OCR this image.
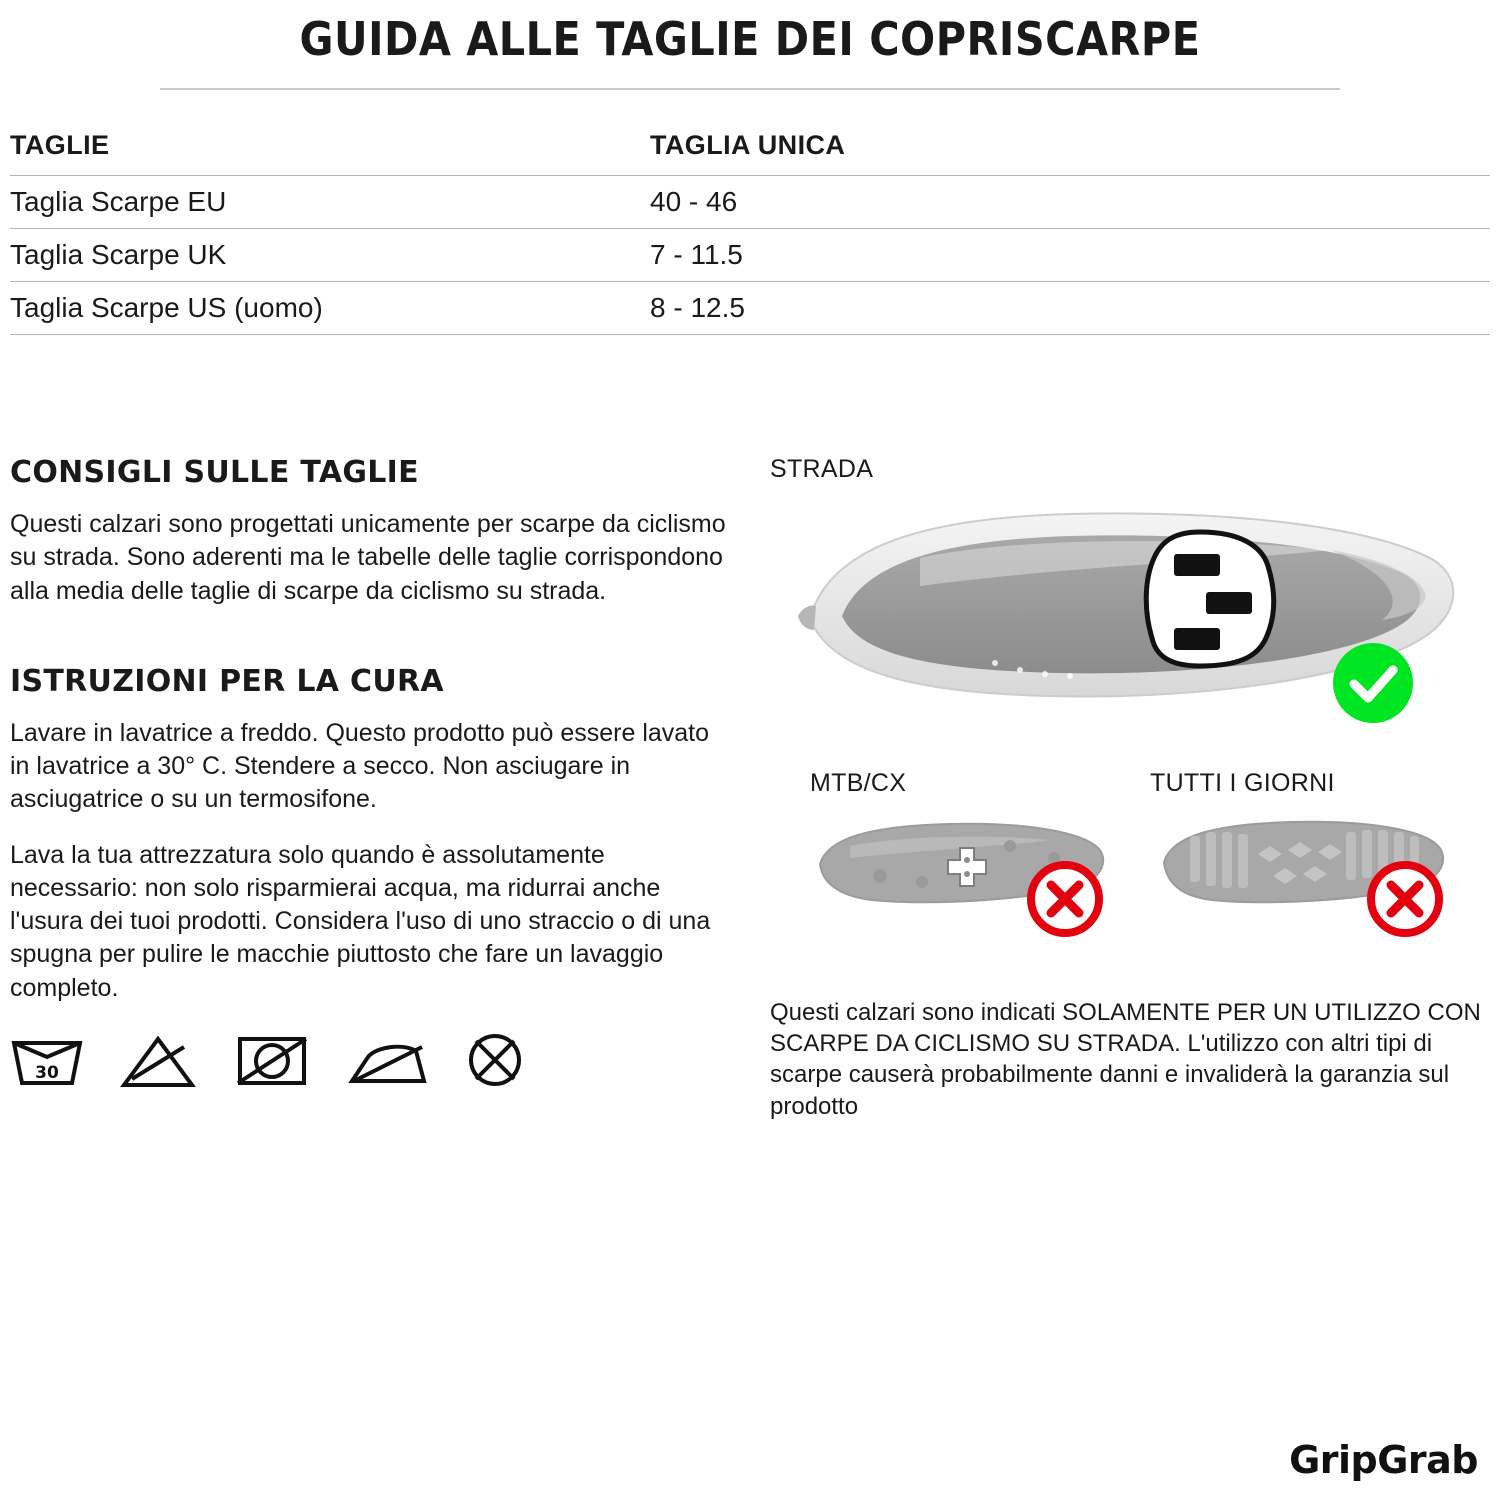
GUIDA ALLE TAGLIE DEI COPRISCARPE
TAGLIE	TAGLIA UNICA
Taglia Scarpe EU	40 - 46
Taglia Scarpe UK	7 - 11.5
Taglia Scarpe US (uomo)	8 - 12.5
CONSIGLI SULLE TAGLIE

Questi calzari sono progettati unicamente per scarpe da ciclismo su strada. Sono aderenti ma le tabelle delle taglie corrispondono alla media delle taglie di scarpe da ciclismo su strada.

ISTRUZIONI PER LA CURA

Lavare in lavatrice a freddo. Questo prodotto può essere lavato in lavatrice a 30° C. Stendere a secco. Non asciugare in asciugatrice o su un termosifone.

Lava la tua attrezzatura solo quando è assolutamente necessario: non solo risparmierai acqua, ma ridurrai anche l'usura dei tuoi prodotti. Considera l'uso di uno straccio o di una spugna per pulire le macchie piuttosto che fare un lavaggio completo.

30
STRADA
MTB/CX	TUTTI I GIORNI

Questi calzari sono indicati SOLAMENTE PER UN UTILIZZO CON SCARPE DA CICLISMO SU STRADA. L'utilizzo con altri tipi di scarpe causerà probabilmente danni e invaliderà la garanzia sul prodotto

GripGrab
